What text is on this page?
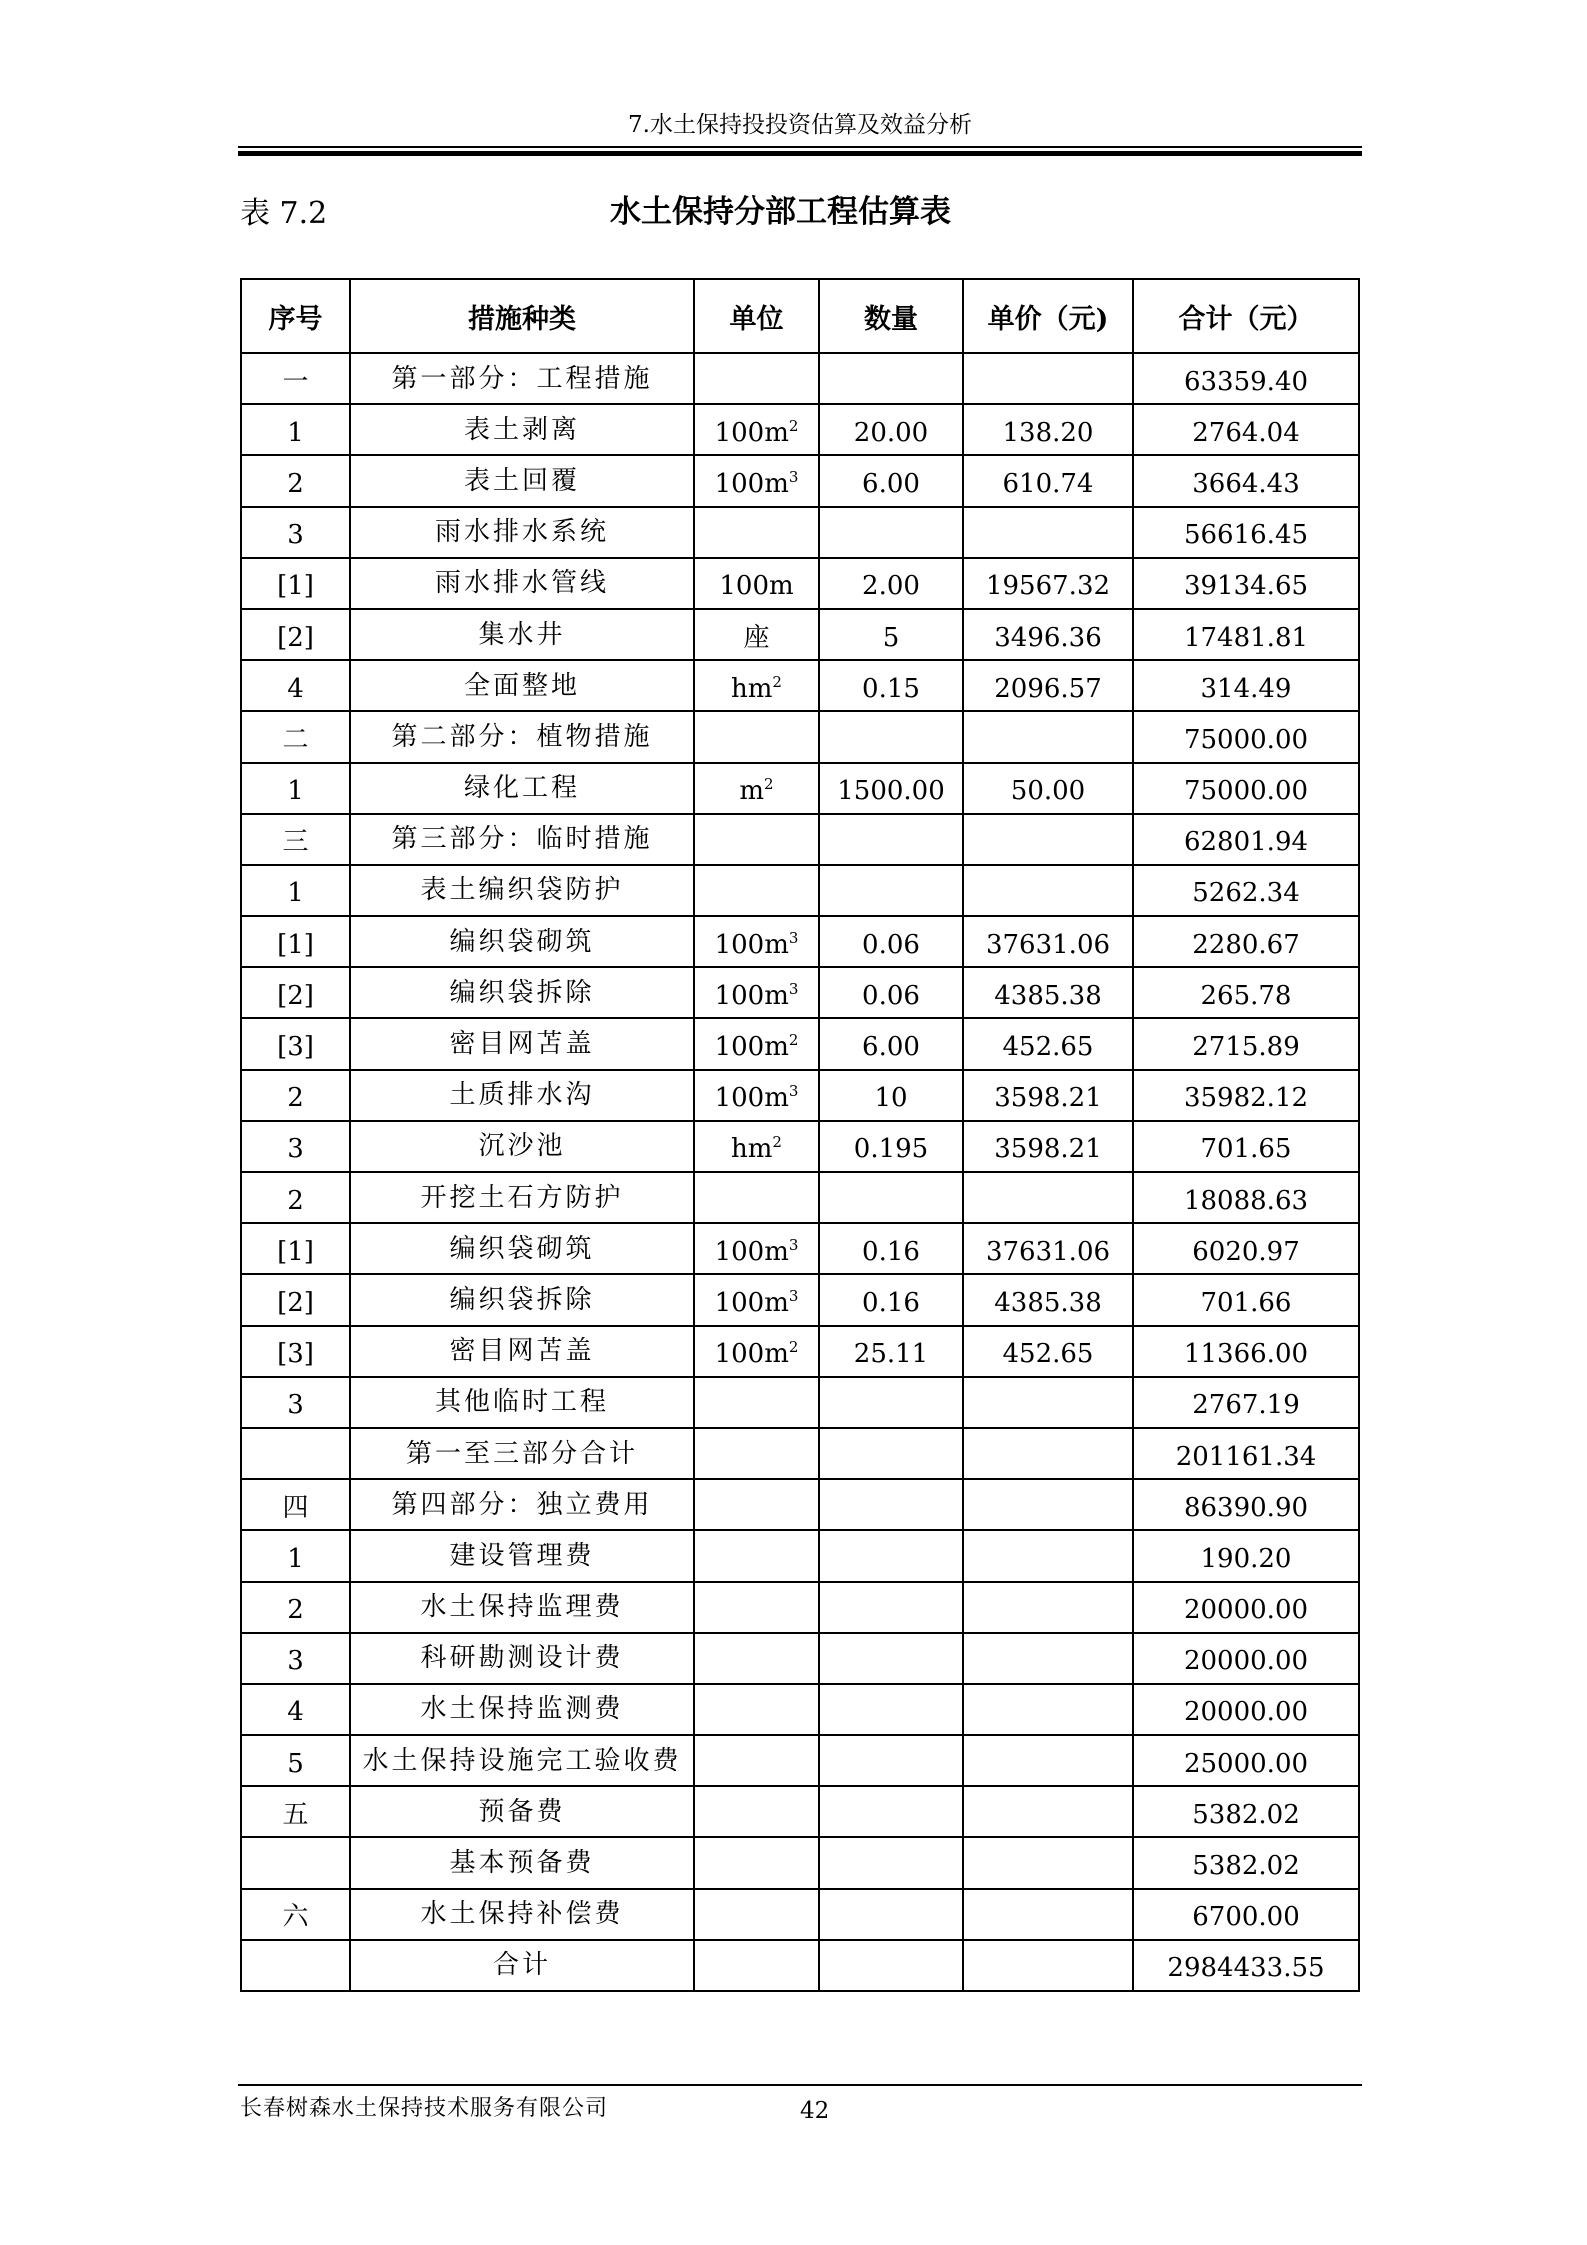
7.水土保持投投资估算及效益分析
表 7.2	水土保持分部工程估算表
序号	措施种类	单位	数量	单价（元)	合计（元）
一	第一部分：工程措施				63359.40
1	表土剥离	$100m^2$	20.00	138.20	2764.04
2	表土回覆	$100m^3$	6.00	610.74	3664.43
3	雨水排水系统				56616.45
[1]	雨水排水管线	100m	2.00	19567.32	39134.65
[2]	集水井	座	5	3496.36	17481.81
4	全面整地	$hm^2$	0.15	2096.57	314.49
二	第二部分：植物措施				75000.00
1	绿化工程	$m^2$	1500.00	50.00	75000.00
三	第三部分：临时措施				62801.94
1	表土编织袋防护				5262.34
[1]	编织袋砌筑	$100m^3$	0.06	37631.06	2280.67
[2]	编织袋拆除	$100m^3$	0.06	4385.38	265.78
[3]	密目网苫盖	$100m^2$	6.00	452.65	2715.89
2	土质排水沟	$100m^3$	10	3598.21	35982.12
3	沉沙池	$hm^2$	0.195	3598.21	701.65
2	开挖土石方防护				18088.63
[1]	编织袋砌筑	$100m^3$	0.16	37631.06	6020.97
[2]	编织袋拆除	$100m^3$	0.16	4385.38	701.66
[3]	密目网苫盖	$100m^2$	25.11	452.65	11366.00
3	其他临时工程				2767.19
	第一至三部分合计				201161.34
四	第四部分：独立费用				86390.90
1	建设管理费				190.20
2	水土保持监理费				20000.00
3	科研勘测设计费				20000.00
4	水土保持监测费				20000.00
5	水土保持设施完工验收费				25000.00
五	预备费				5382.02
	基本预备费				5382.02
六	水土保持补偿费				6700.00
	合计				2984433.55
长春树森水土保持技术服务有限公司	42
